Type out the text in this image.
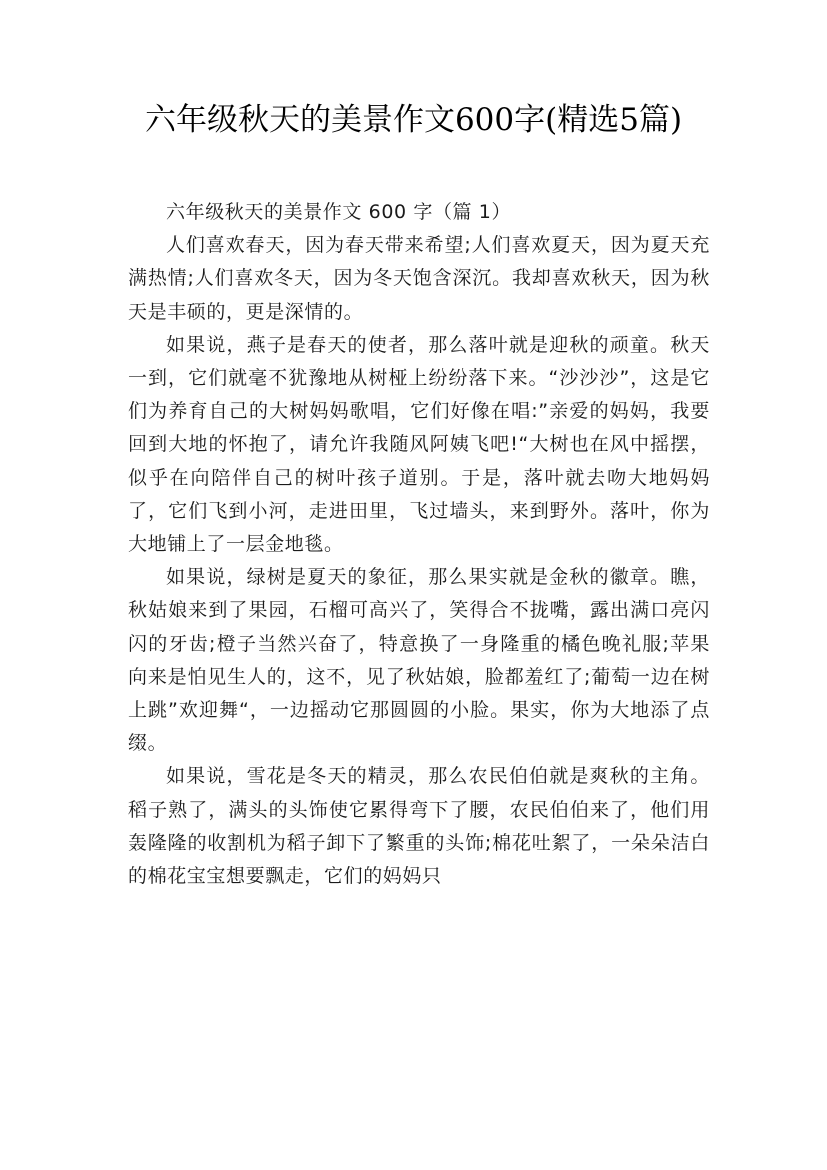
六年级秋天的美景作文600字(精选5篇)

六年级秋天的美景作文 600 字（篇 1）

人们喜欢春天，因为春天带来希望;人们喜欢夏天，因为夏天充满热情;人们喜欢冬天，因为冬天饱含深沉。我却喜欢秋天，因为秋天是丰硕的，更是深情的。

如果说，燕子是春天的使者，那么落叶就是迎秋的顽童。秋天一到，它们就毫不犹豫地从树桠上纷纷落下来。“沙沙沙”，这是它们为养育自己的大树妈妈歌唱，它们好像在唱:”亲爱的妈妈，我要回到大地的怀抱了，请允许我随风阿姨飞吧!“大树也在风中摇摆，似乎在向陪伴自己的树叶孩子道别。于是，落叶就去吻大地妈妈了，它们飞到小河，走进田里，飞过墙头，来到野外。落叶，你为大地铺上了一层金地毯。

如果说，绿树是夏天的象征，那么果实就是金秋的徽章。瞧，秋姑娘来到了果园，石榴可高兴了，笑得合不拢嘴，露出满口亮闪闪的牙齿;橙子当然兴奋了，特意换了一身隆重的橘色晚礼服;苹果向来是怕见生人的，这不，见了秋姑娘，脸都羞红了;葡萄一边在树上跳”欢迎舞“，一边摇动它那圆圆的小脸。果实，你为大地添了点缀。

如果说，雪花是冬天的精灵，那么农民伯伯就是爽秋的主角。稻子熟了，满头的头饰使它累得弯下了腰，农民伯伯来了，他们用轰隆隆的收割机为稻子卸下了繁重的头饰;棉花吐絮了，一朵朵洁白的棉花宝宝想要飘走，它们的妈妈只
